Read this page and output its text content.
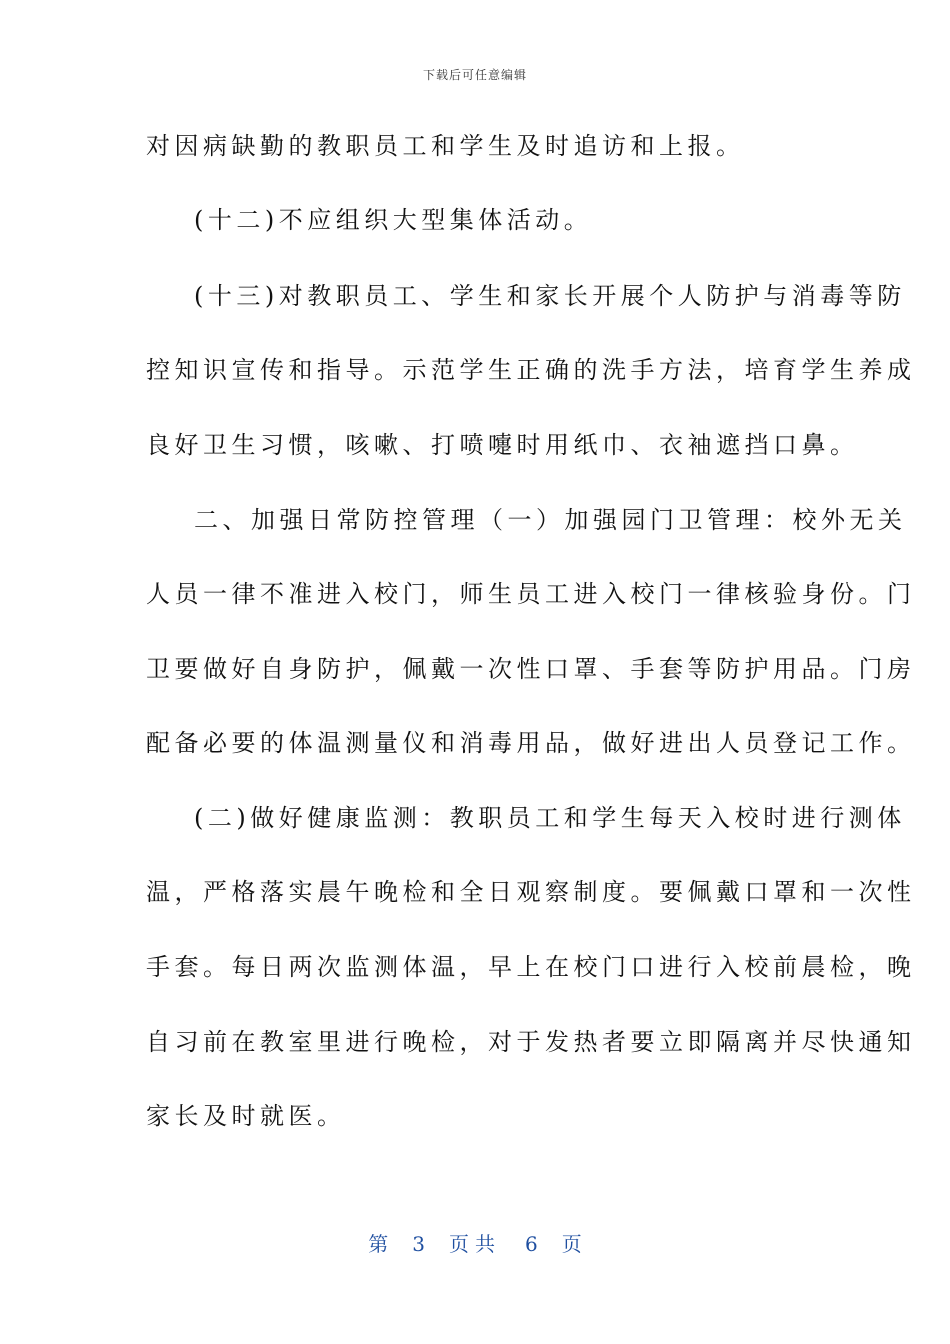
下载后可任意编辑
对因病缺勤的教职员工和学生及时追访和上报。
(十二)不应组织大型集体活动。
(十三)对教职员工、学生和家长开展个人防护与消毒等防
控知识宣传和指导。示范学生正确的洗手方法，培育学生养成
良好卫生习惯，咳嗽、打喷嚏时用纸巾、衣袖遮挡口鼻。
二、加强日常防控管理（一）加强园门卫管理：校外无关
人员一律不准进入校门，师生员工进入校门一律核验身份。门
卫要做好自身防护，佩戴一次性口罩、手套等防护用品。门房
配备必要的体温测量仪和消毒用品，做好进出人员登记工作。
(二)做好健康监测：教职员工和学生每天入校时进行测体
温，严格落实晨午晚检和全日观察制度。要佩戴口罩和一次性
手套。每日两次监测体温，早上在校门口进行入校前晨检，晚
自习前在教室里进行晚检，对于发热者要立即隔离并尽快通知
家长及时就医。
第 3 页共 6 页
